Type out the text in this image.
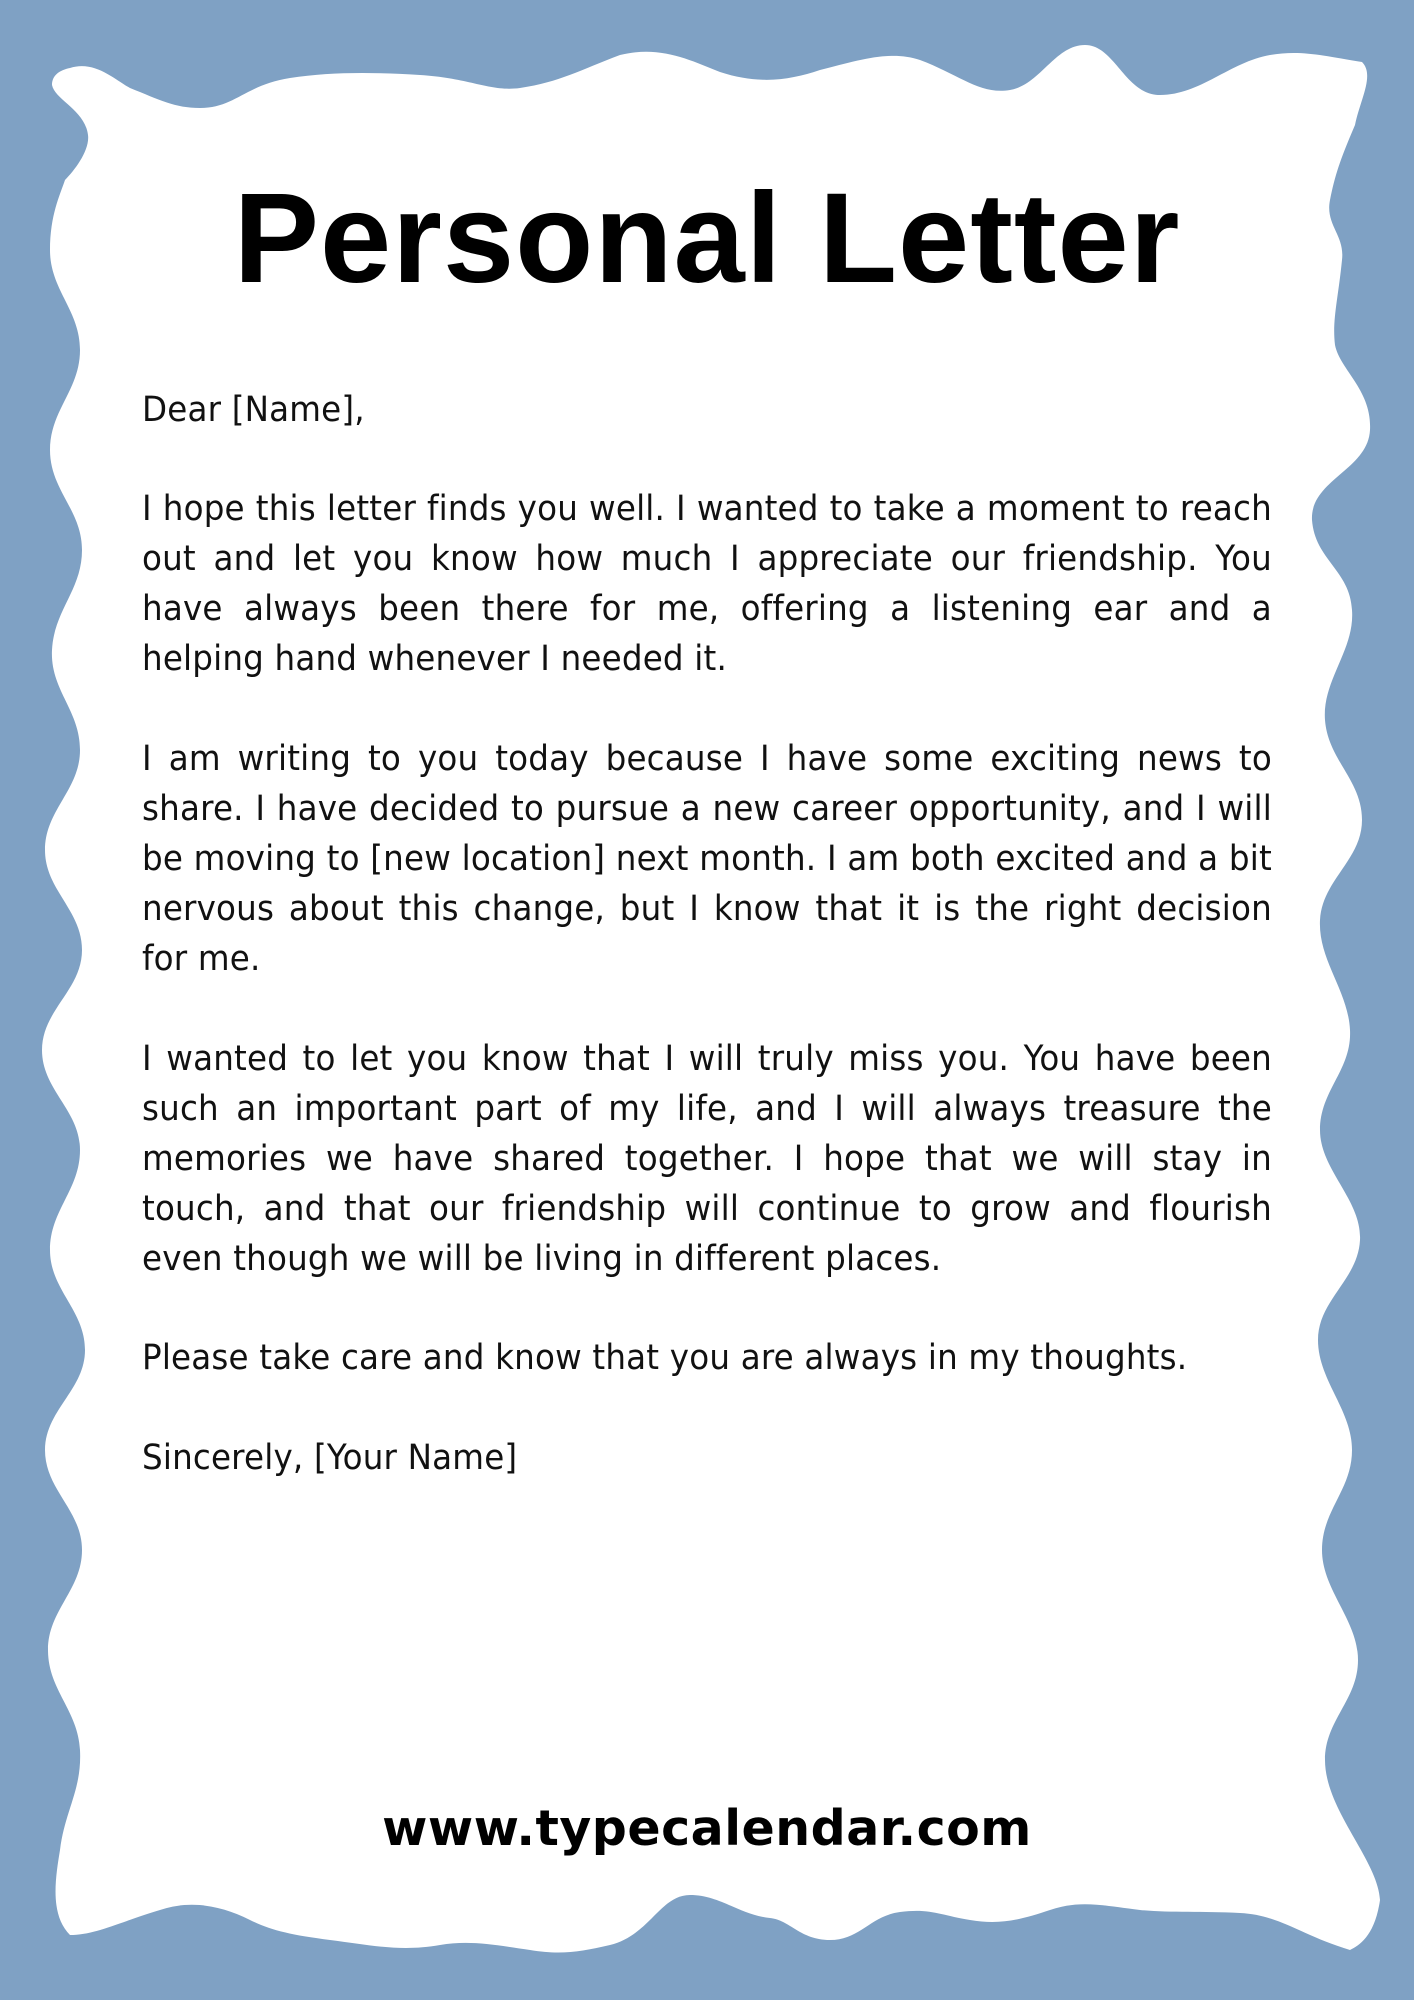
Personal Letter

Dear [Name],

I hope this letter finds you well. I wanted to take a moment to reach out and let you know how much I appreciate our friendship. You have always been there for me, offering a listening ear and a helping hand whenever I needed it.

I am writing to you today because I have some exciting news to share. I have decided to pursue a new career opportunity, and I will be moving to [new location] next month. I am both excited and a bit nervous about this change, but I know that it is the right decision for me.

I wanted to let you know that I will truly miss you. You have been such an important part of my life, and I will always treasure the memories we have shared together. I hope that we will stay in touch, and that our friendship will continue to grow and flourish even though we will be living in different places.

Please take care and know that you are always in my thoughts.

Sincerely, [Your Name]

www.typecalendar.com
